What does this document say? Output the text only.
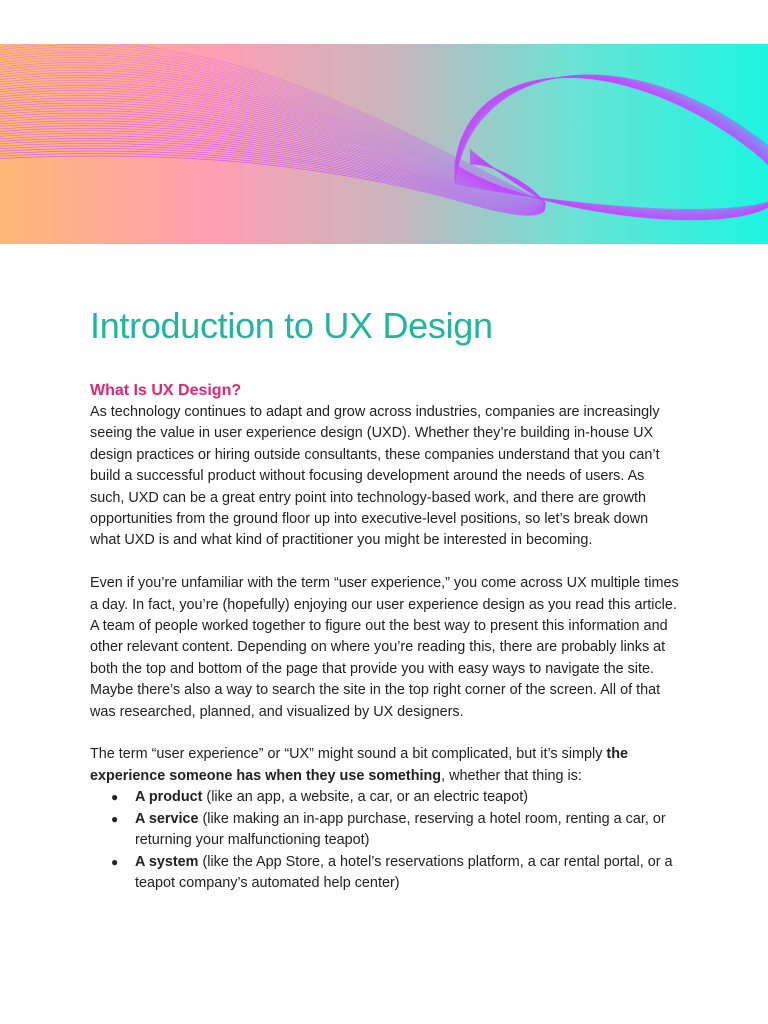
Introduction to UX Design
What Is UX Design?

As technology continues to adapt and grow across industries, companies are increasingly seeing the value in user experience design (UXD). Whether they’re building in-house UX design practices or hiring outside consultants, these companies understand that you can’t build a successful product without focusing development around the needs of users. As such, UXD can be a great entry point into technology-based work, and there are growth opportunities from the ground floor up into executive-level positions, so let’s break down what UXD is and what kind of practitioner you might be interested in becoming.

Even if you’re unfamiliar with the term “user experience,” you come across UX multiple times a day. In fact, you’re (hopefully) enjoying our user experience design as you read this article. A team of people worked together to figure out the best way to present this information and other relevant content. Depending on where you’re reading this, there are probably links at both the top and bottom of the page that provide you with easy ways to navigate the site. Maybe there’s also a way to search the site in the top right corner of the screen. All of that was researched, planned, and visualized by UX designers.

The term “user experience” or “UX” might sound a bit complicated, but it’s simply the experience someone has when they use something, whether that thing is:

● A product (like an app, a website, a car, or an electric teapot)
● A service (like making an in-app purchase, reserving a hotel room, renting a car, or returning your malfunctioning teapot)
● A system (like the App Store, a hotel’s reservations platform, a car rental portal, or a teapot company’s automated help center)
